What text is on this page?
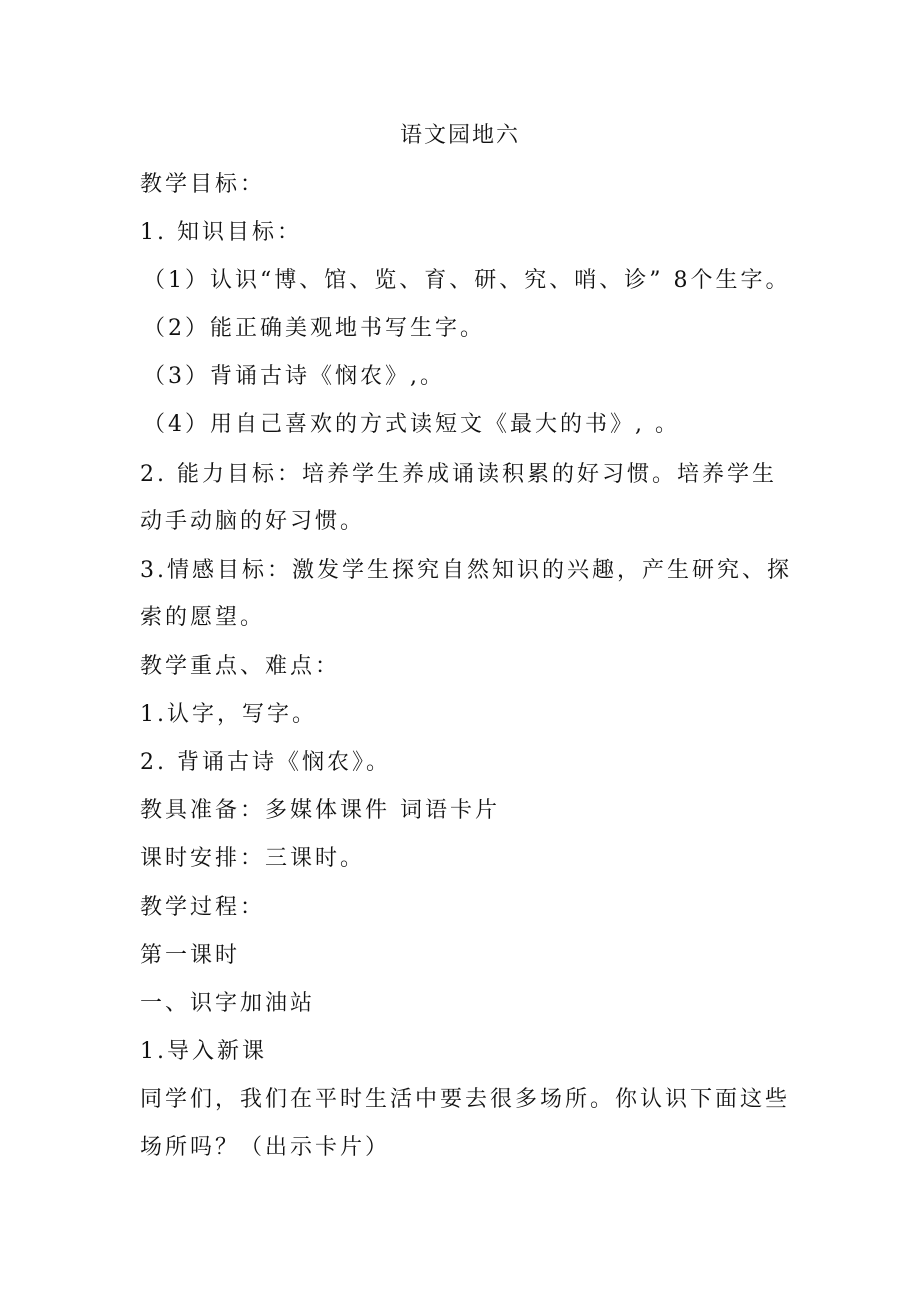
语文园地六
教学目标：
1. 知识目标：
（1）认识“博、馆、览、育、研、究、哨、诊” 8个生字。
（2）能正确美观地书写生字。
（3）背诵古诗《悯农》,。
（4）用自己喜欢的方式读短文《最大的书》, 。
2. 能力目标：培养学生养成诵读积累的好习惯。培养学生
动手动脑的好习惯。
3.情感目标：激发学生探究自然知识的兴趣，产生研究、探
索的愿望。
教学重点、难点：
1.认字，写字。
2. 背诵古诗《悯农》。
教具准备：多媒体课件 词语卡片
课时安排：三课时。
教学过程：
第一课时
一、识字加油站
1.导入新课
同学们，我们在平时生活中要去很多场所。你认识下面这些
场所吗？（出示卡片）
